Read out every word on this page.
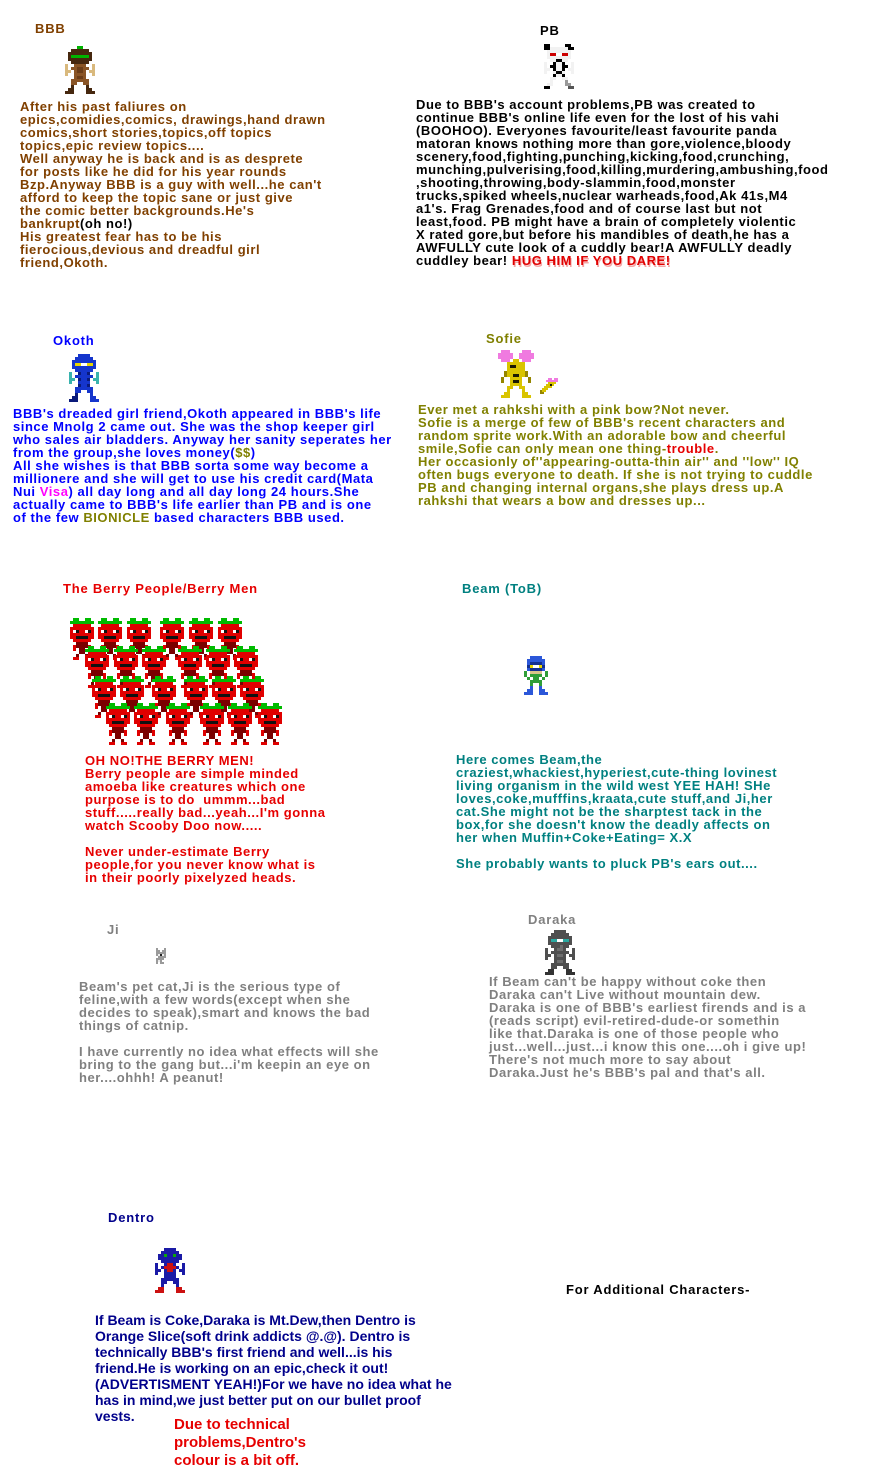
BBB
After his past faliures on
epics,comidies,comics, drawings,hand drawn
comics,short stories,topics,off topics
topics,epic review topics....
Well anyway he is back and is as desprete
for posts like he did for his year rounds
Bzp.Anyway BBB is a guy with well...he can't
afford to keep the topic sane or just give
the comic better backgrounds.He's
bankrupt(oh no!)
His greatest fear has to be his
fierocious,devious and dreadful girl
friend,Okoth.
PB
Due to BBB's account problems,PB was created to
continue BBB's online life even for the lost of his vahi
(BOOHOO). Everyones favourite/least favourite panda
matoran knows nothing more than gore,violence,bloody
scenery,food,fighting,punching,kicking,food,crunching,
munching,pulverising,food,killing,murdering,ambushing,food
,shooting,throwing,body-slammin,food,monster
trucks,spiked wheels,nuclear warheads,food,Ak 41s,M4
a1's. Frag Grenades,food and of course last but not
least,food. PB might have a brain of completely violentic
X rated gore,but before his mandibles of death,he has a
AWFULLY cute look of a cuddly bear!A AWFULLY deadly
cuddley bear! HUG HIM IF YOU DARE!
Okoth
BBB's dreaded girl friend,Okoth appeared in BBB's life
since Mnolg 2 came out. She was the shop keeper girl
who sales air bladders. Anyway her sanity seperates her
from the group,she loves money($$)
All she wishes is that BBB sorta some way become a
millionere and she will get to use his credit card(Mata
Nui Visa) all day long and all day long 24 hours.She
actually came to BBB's life earlier than PB and is one
of the few BIONICLE based characters BBB used.
Sofie
Ever met a rahkshi with a pink bow?Not never.
Sofie is a merge of few of BBB's recent characters and
random sprite work.With an adorable bow and cheerful
smile,Sofie can only mean one thing-trouble.
Her occasionly of''appearing-outta-thin air'' and ''low'' IQ
often bugs everyone to death. If she is not trying to cuddle
PB and changing internal organs,she plays dress up.A
rahkshi that wears a bow and dresses up...
The Berry People/Berry Men
OH NO!THE BERRY MEN!
Berry people are simple minded
amoeba like creatures which one
purpose is to do  ummm...bad
stuff.....really bad...yeah...I'm gonna
watch Scooby Doo now.....

Never under-estimate Berry
people,for you never know what is
in their poorly pixelyzed heads.
Beam (ToB)
Here comes Beam,the
craziest,whackiest,hyperiest,cute-thing lovinest
living organism in the wild west YEE HAH! SHe
loves,coke,mufffins,kraata,cute stuff,and Ji,her
cat.She might not be the sharptest tack in the
box,for she doesn't know the deadly affects on
her when Muffin+Coke+Eating= X.X

She probably wants to pluck PB's ears out....
Ji
Beam's pet cat,Ji is the serious type of
feline,with a few words(except when she
decides to speak),smart and knows the bad
things of catnip.

I have currently no idea what effects will she
bring to the gang but...i'm keepin an eye on
her....ohhh! A peanut!
Daraka
If Beam can't be happy without coke then
Daraka can't Live without mountain dew.
Daraka is one of BBB's earliest firends and is a
(reads script) evil-retired-dude-or somethin
like that.Daraka is one of those people who
just...well...just...i know this one....oh i give up!
There's not much more to say about
Daraka.Just he's BBB's pal and that's all.
Dentro
If Beam is Coke,Daraka is Mt.Dew,then Dentro is
Orange Slice(soft drink addicts @.@). Dentro is
technically BBB's first friend and well...is his
friend.He is working on an epic,check it out!
(ADVERTISMENT YEAH!)For we have no idea what he
has in mind,we just better put on our bullet proof
vests.	Due to technical
problems,Dentro's
colour is a bit off.
For Additional Characters-
